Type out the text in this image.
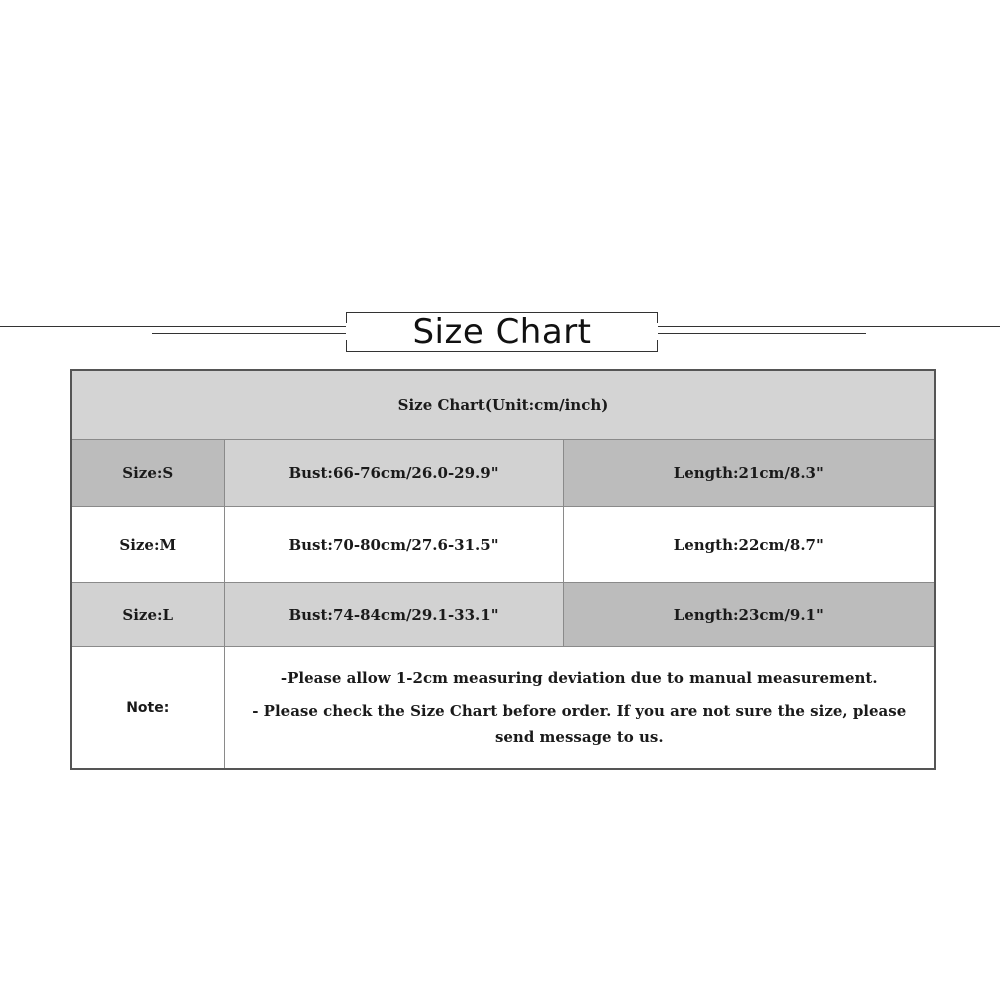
Size Chart
Size Chart(Unit:cm/inch)		
Size:S	Bust:66-76cm/26.0-29.9"	Length:21cm/8.3"
Size:M	Bust:70-80cm/27.6-31.5"	Length:22cm/8.7"
Size:L	Bust:74-84cm/29.1-33.1"	Length:23cm/9.1"
Note:	-Please allow 1-2cm measuring deviation due to manual measurement.
- Please check the Size Chart before order. If you are not sure the size, please send message to us.	
